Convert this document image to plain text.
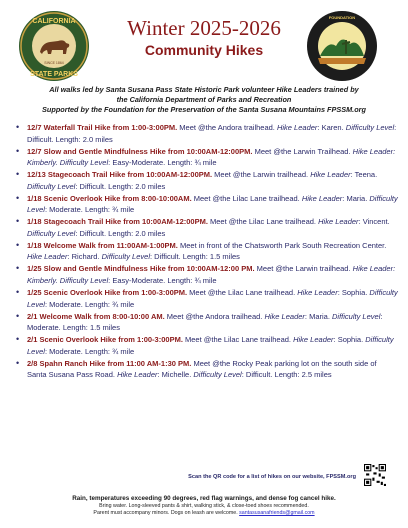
CALIFORNIA
STATE PARKS
SINCE 1864
Winter 2025-2026
Community Hikes
FOUNDATION
All walks led by Santa Susana Pass State Historic Park volunteer Hike Leaders trained by
the California Department of Parks and Recreation
Supported by the Foundation for the Preservation of the Santa Susana Mountains FPSSM.org
• 12/7 Waterfall Trail Hike from 1:00-3:00PM. Meet @the Andora trailhead. Hike Leader: Karen. Difficulty Level: Difficult. Length: 2.0 miles
• 12/7 Slow and Gentle Mindfulness Hike from 10:00AM-12:00PM. Meet @the Larwin Trailhead. Hike Leader: Kimberly. Difficulty Level: Easy-Moderate. Length: ¾ mile
• 12/13 Stagecoach Trail Hike from 10:00AM-12:00PM. Meet @the Larwin trailhead. Hike Leader: Teena. Difficulty Level: Difficult. Length: 2.0 miles
• 1/18 Scenic Overlook Hike from 8:00-10:00AM. Meet @the Lilac Lane trailhead. Hike Leader: Maria. Difficulty Level: Moderate. Length: ¾ mile
• 1/18 Stagecoach Trail Hike from 10:00AM-12:00PM. Meet @the Lilac Lane trailhead. Hike Leader: Vincent. Difficulty Level: Difficult. Length: 2.0 miles
• 1/18 Welcome Walk from 11:00AM-1:00PM. Meet in front of the Chatsworth Park South Recreation Center. Hike Leader: Richard. Difficulty Level: Difficult. Length: 1.5 miles
• 1/25 Slow and Gentle Mindfulness Hike from 10:00AM-12:00 PM. Meet @the Larwin trailhead. Hike Leader: Kimberly. Difficulty Level: Easy-Moderate. Length: ¾ mile
• 1/25 Scenic Overlook Hike from 1:00-3:00PM. Meet @the Lilac Lane trailhead. Hike Leader: Sophia. Difficulty Level: Moderate. Length: ¾ mile
• 2/1 Welcome Walk from 8:00-10:00 AM. Meet @the Andora trailhead. Hike Leader: Maria. Difficulty Level: Moderate. Length: 1.5 miles
• 2/1 Scenic Overlook Hike from 1:00-3:00PM. Meet @the Lilac Lane trailhead. Hike Leader: Sophia. Difficulty Level: Moderate. Length: ¾ mile
• 2/8 Spahn Ranch Hike from 11:00 AM-1:30 PM. Meet @the Rocky Peak parking lot on the south side of Santa Susana Pass Road. Hike Leader: Michelle. Difficulty Level: Difficult. Length: 2.5 miles
Scan the QR code for a list of hikes on our website, FPSSM.org
Rain, temperatures exceeding 90 degrees, red flag warnings, and dense fog cancel hike.
Bring water. Long-sleeved pants & shirt, walking stick, & close-toed shoes recommended.
Parent must accompany minors. Dogs on leash are welcome. santasusanafriends@gmail.com
